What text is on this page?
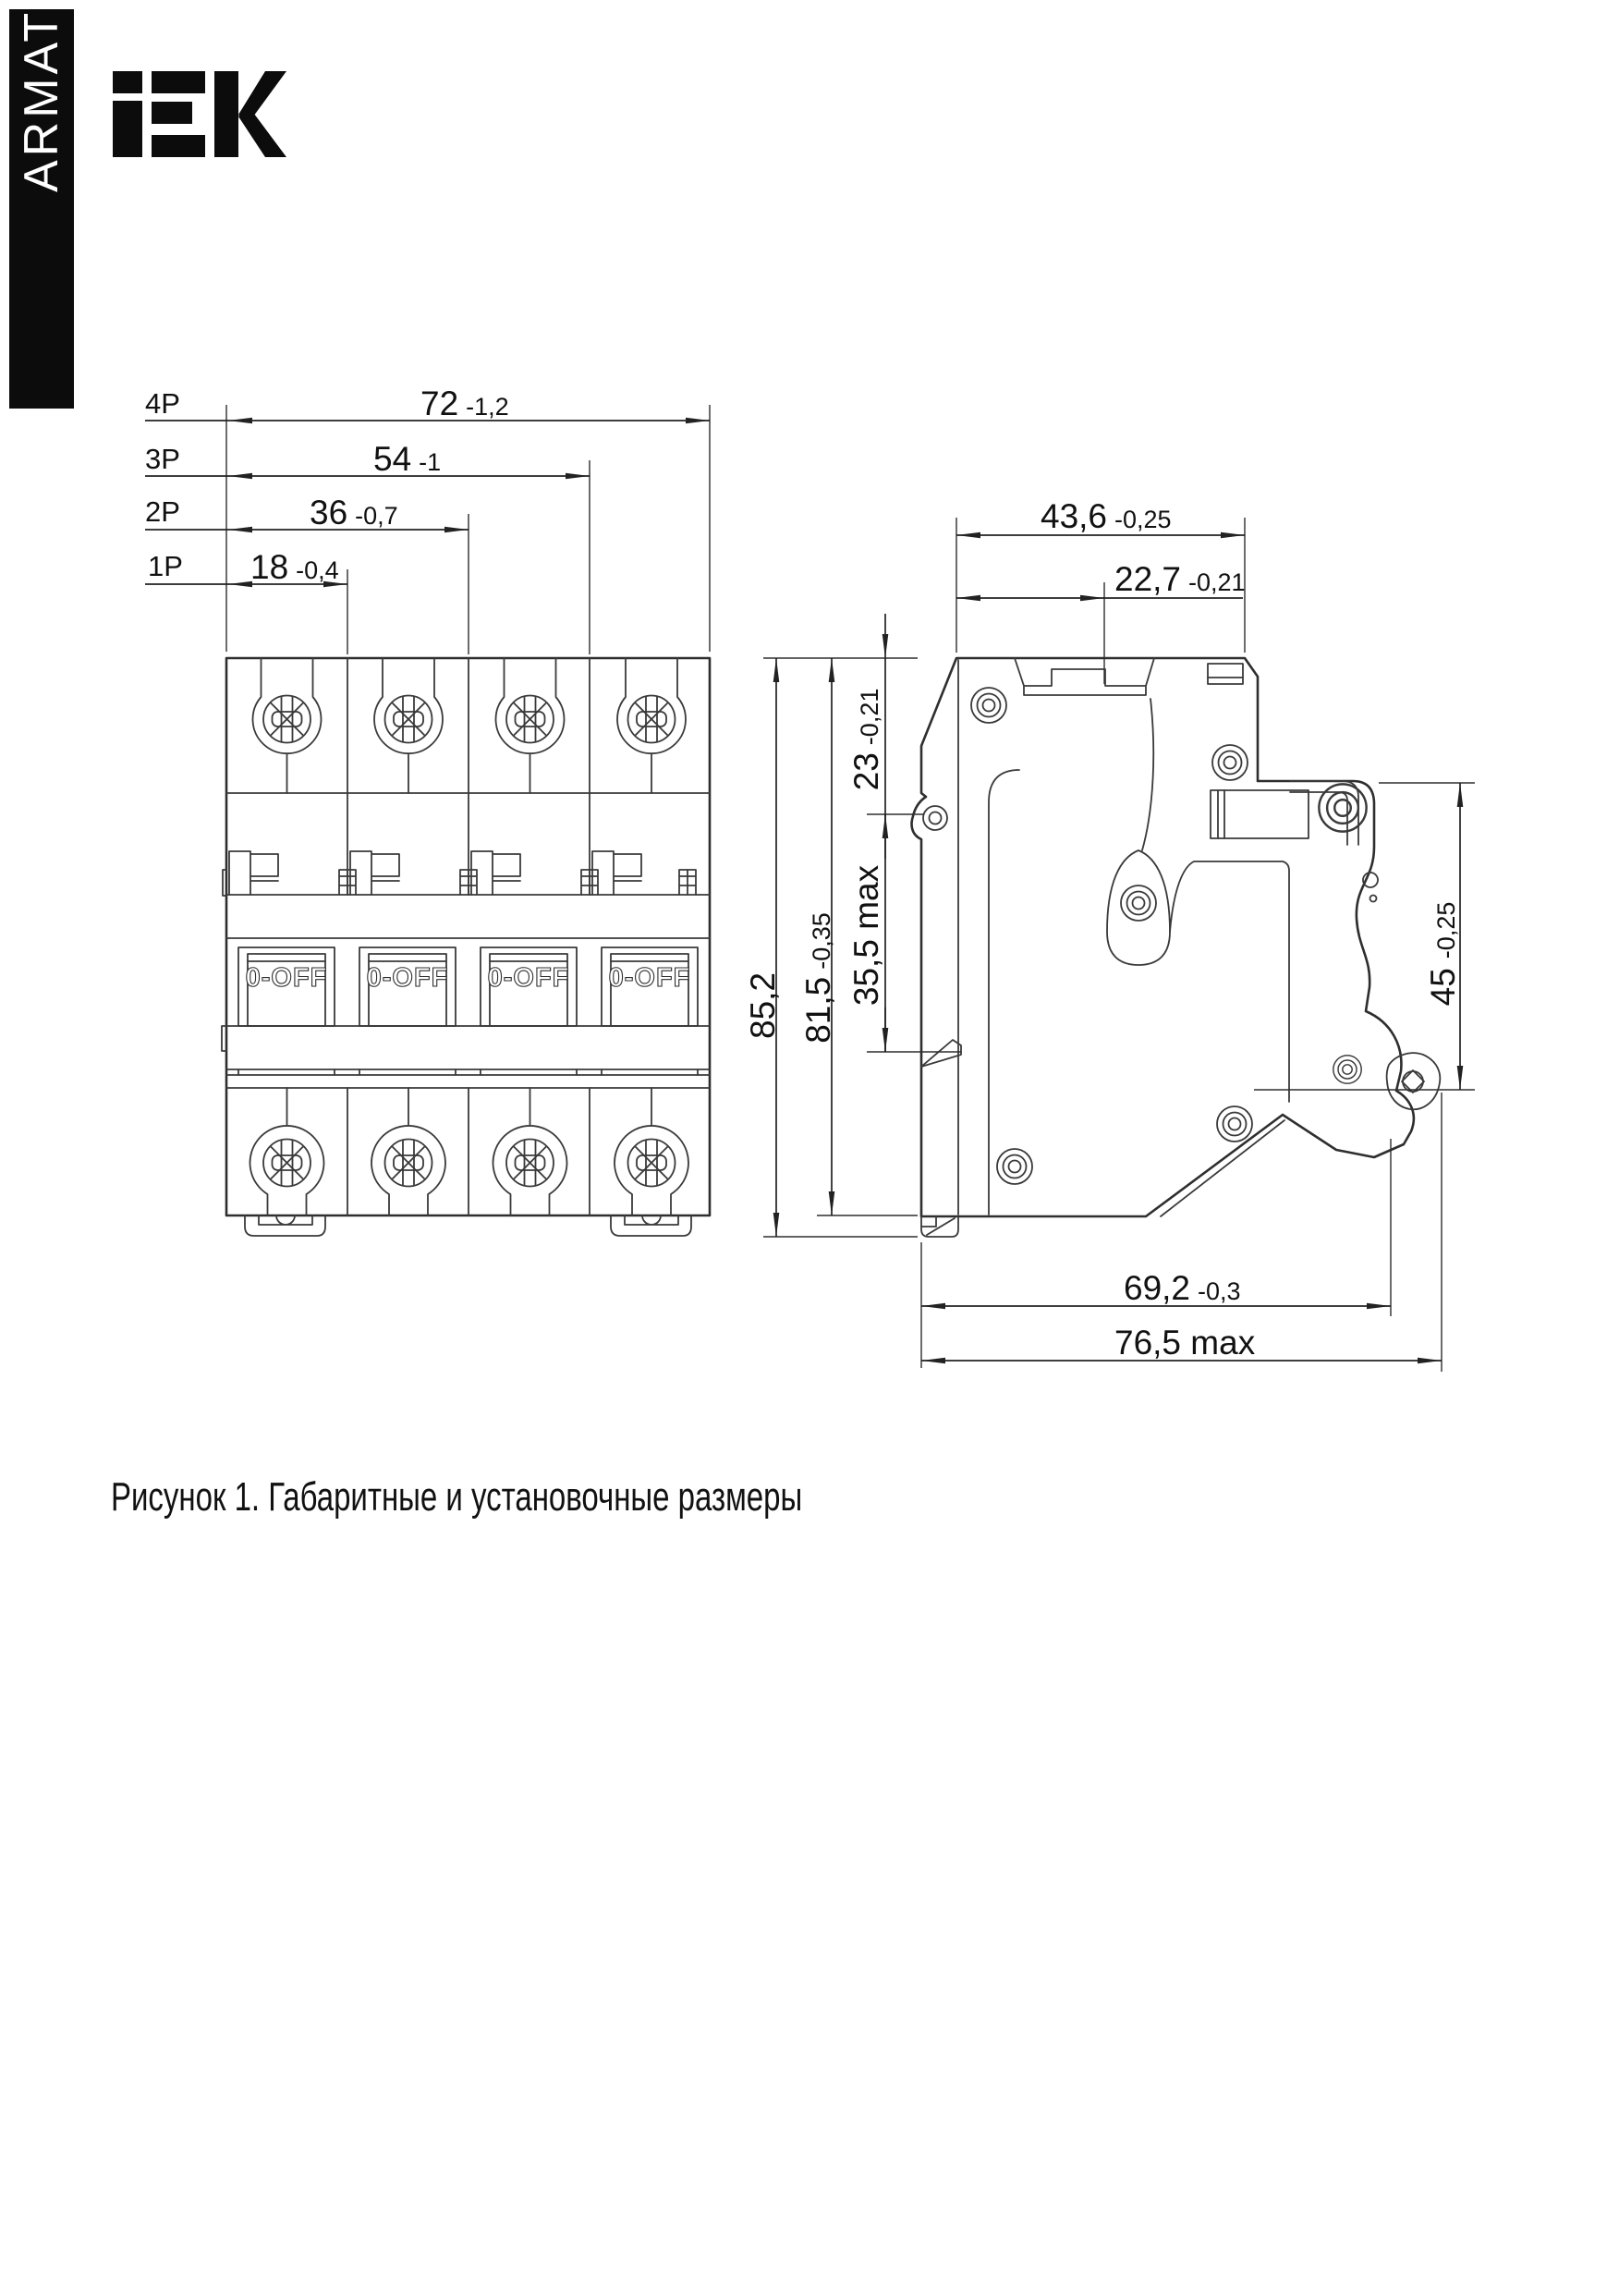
ARMAT
0-OFF 0-OFF 0-OFF 0-OFF
4P
3P
2P
1P
72 -1,2
54 -1
36 -0,7
18 -0,4
43,6 -0,25
22,7 -0,21
85,2 81,5-0,35
23-0,21
35,5 max	45-0,25
69,2 -0,3
76,5 max
Рисунок 1. Габаритные и установочные размеры
